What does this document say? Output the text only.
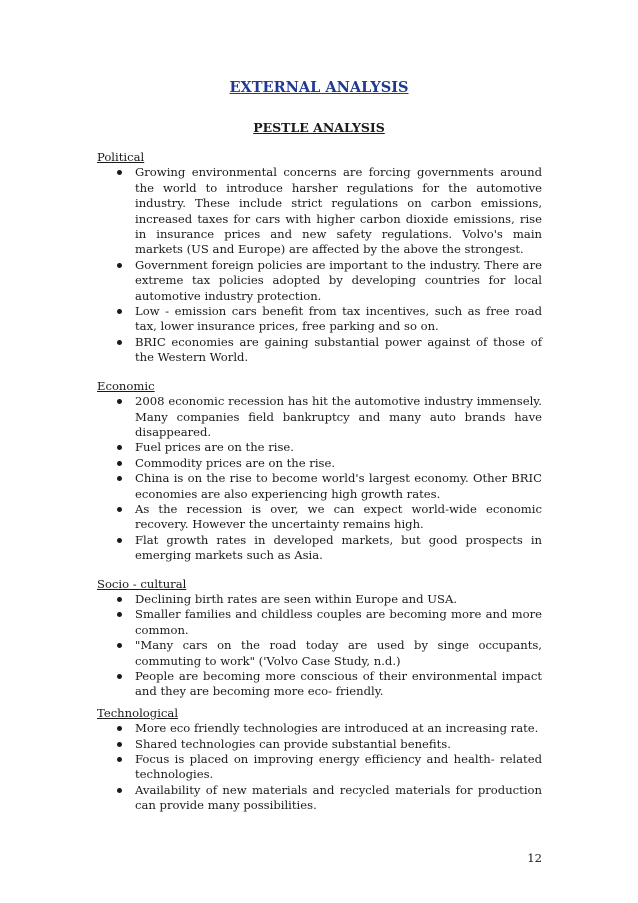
EXTERNAL ANALYSIS
PESTLE ANALYSIS

Political

Growing environmental concerns are forcing governments around the world to introduce harsher regulations for the automotive industry. These include strict regulations on carbon emissions, increased taxes for cars with higher carbon dioxide emissions, rise in insurance prices and new safety regulations. Volvo's main markets (US and Europe) are affected by the above the strongest.
Government foreign policies are important to the industry. There are extreme tax policies adopted by developing countries for local automotive industry protection.
Low - emission cars benefit from tax incentives, such as free road tax, lower insurance prices, free parking and so on.
BRIC economies are gaining substantial power against of those of the Western World.

Economic

2008 economic recession has hit the automotive industry immensely. Many companies field bankruptcy and many auto brands have disappeared.
Fuel prices are on the rise.
Commodity prices are on the rise.
China is on the rise to become world's largest economy. Other BRIC economies are also experiencing high growth rates.
As the recession is over, we can expect world-wide economic recovery. However the uncertainty remains high.
Flat growth rates in developed markets, but good prospects in emerging markets such as Asia.

Socio - cultural

Declining birth rates are seen within Europe and USA.
Smaller families and childless couples are becoming more and more common.
"Many cars on the road today are used by singe occupants, commuting to work" ('Volvo Case Study, n.d.)
People are becoming more conscious of their environmental impact and they are becoming more eco- friendly.

Technological

More eco friendly technologies are introduced at an increasing rate.
Shared technologies can provide substantial benefits.
Focus is placed on improving energy efficiency and health- related technologies.
Availability of new materials and recycled materials for production can provide many possibilities.
12
